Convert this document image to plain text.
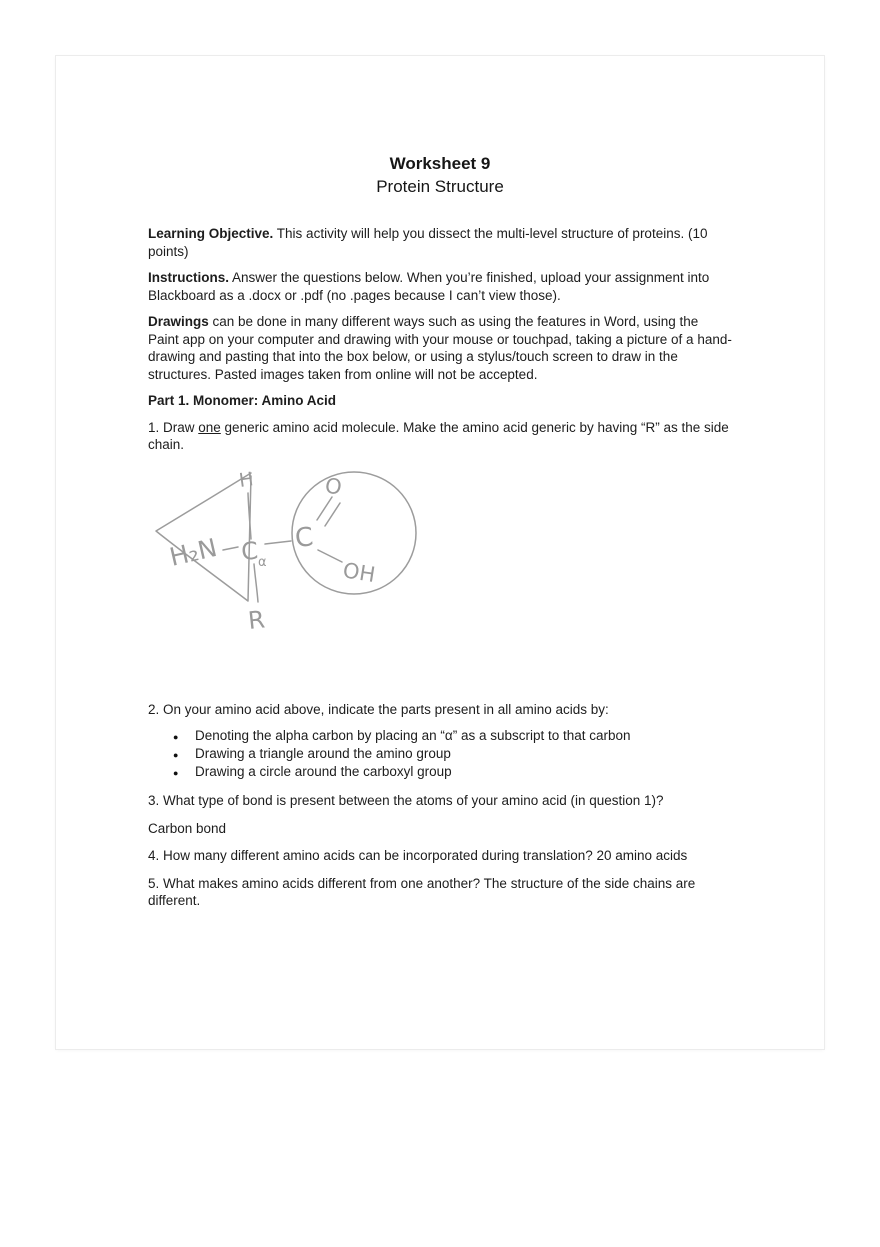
Worksheet 9
Protein Structure

Learning Objective. This activity will help you dissect the multi-level structure of proteins. (10 points)

Instructions. Answer the questions below. When you’re finished, upload your assignment into Blackboard as a .docx or .pdf (no .pages because I can’t view those).

Drawings can be done in many different ways such as using the features in Word, using the Paint app on your computer and drawing with your mouse or touchpad, taking a picture of a hand-drawing and pasting that into the box below, or using a stylus/touch screen to draw in the structures. Pasted images taken from online will not be accepted.

Part 1. Monomer: Amino Acid

1. Draw one generic amino acid molecule. Make the amino acid generic by having “R” as the side chain.

H
H₂N C
α
R
C
O
OH

2. On your amino acid above, indicate the parts present in all amino acids by:

● Denoting the alpha carbon by placing an “α” as a subscript to that carbon
● Drawing a triangle around the amino group
● Drawing a circle around the carboxyl group

3. What type of bond is present between the atoms of your amino acid (in question 1)?

Carbon bond

4. How many different amino acids can be incorporated during translation? 20 amino acids

5. What makes amino acids different from one another? The structure of the side chains are different.
